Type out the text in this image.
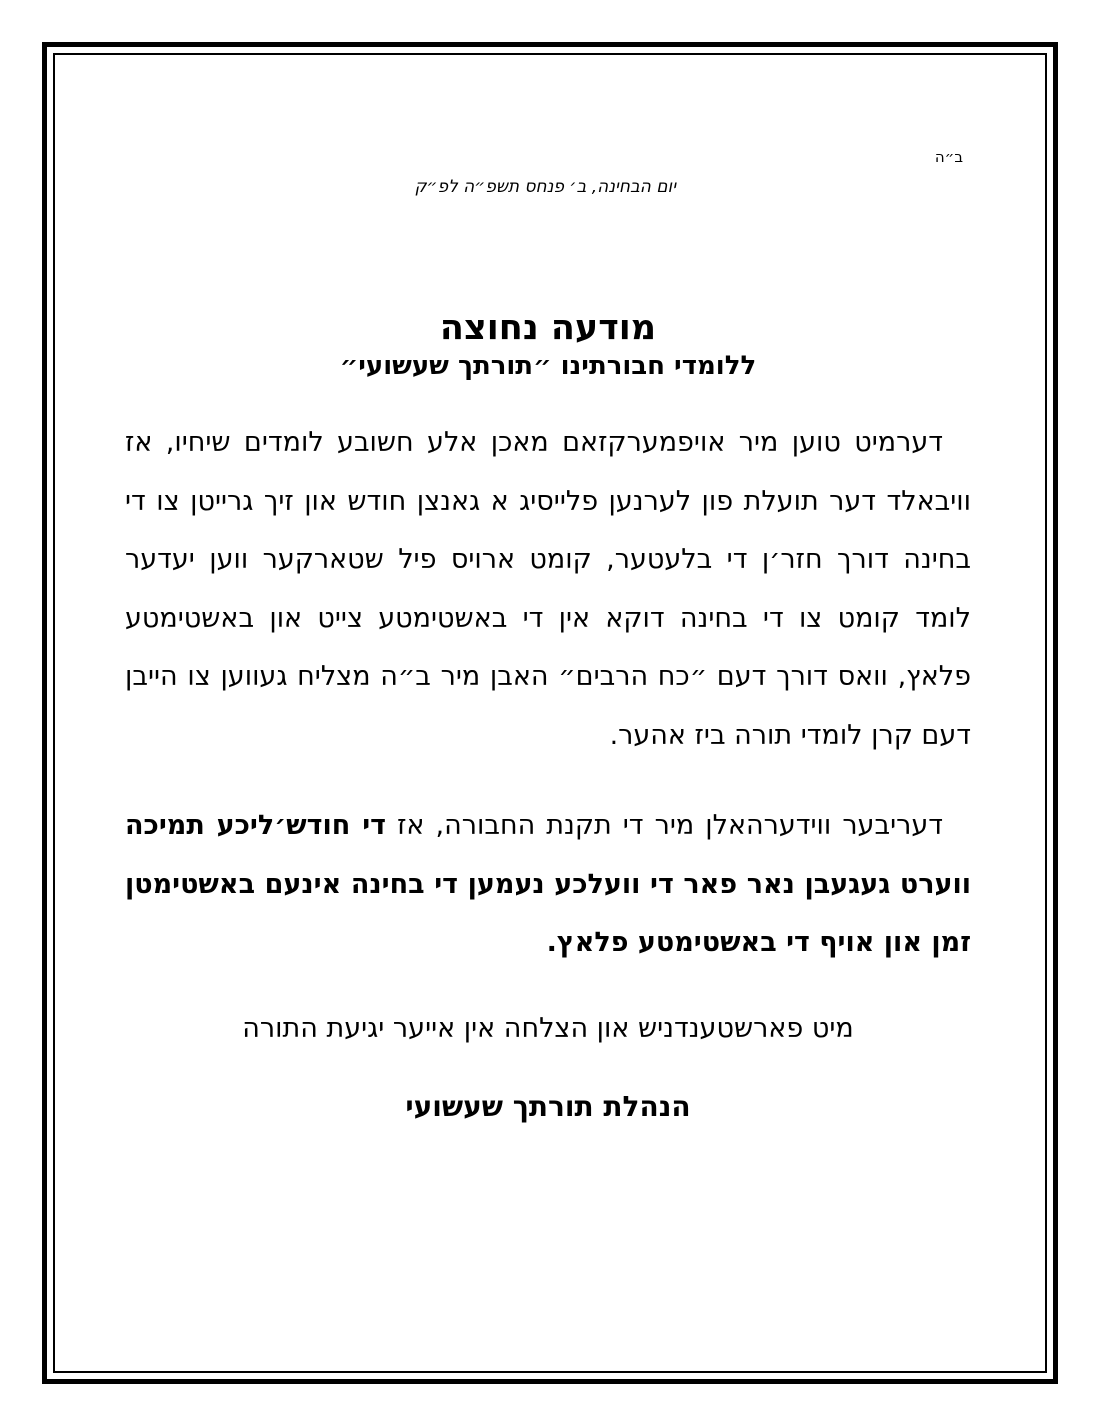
ב״ה
יום הבחינה, ב׳ פנחס תשפ״ה לפ״ק
מודעה נחוצה
ללומדי חבורתינו ״תורתך שעשועי״
דערמיט טוען מיר אויפמערקזאם מאכן אלע חשובע לומדים שיחיו, אז וויבאלד דער תועלת פון לערנען פלייסיג א גאנצן חודש און זיך גרייטן צו די בחינה דורך חזר׳ן די בלעטער, קומט ארויס פיל שטארקער ווען יעדער לומד קומט צו די בחינה דוקא אין די באשטימטע צייט און באשטימטע פלאץ, וואס דורך דעם ״כח הרבים״ האבן מיר ב״ה מצליח געווען צו הייבן דעם קרן לומדי תורה ביז אהער.
דעריבער ווידערהאלן מיר די תקנת החבורה, אז די חודש׳ליכע תמיכה ווערט געגעבן נאר פאר די וועלכע נעמען די בחינה אינעם באשטימטן זמן און אויף די באשטימטע פלאץ.
מיט פארשטענדניש און הצלחה אין אייער יגיעת התורה
הנהלת תורתך שעשועי
